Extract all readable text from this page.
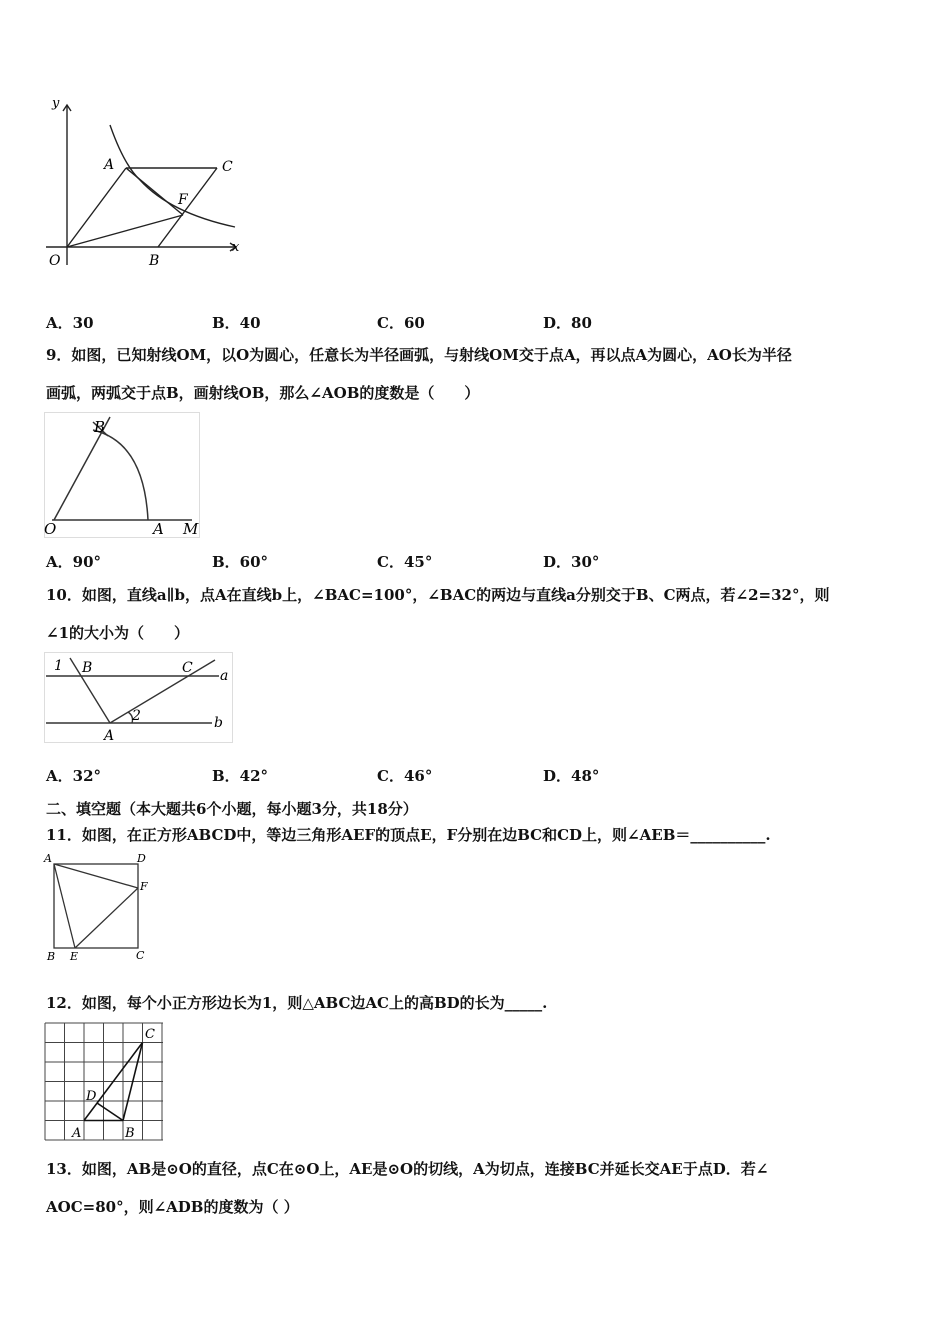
y
x
O
A	C
F
B
A．30	B．40	C．60	D．80
9．如图，已知射线OM，以O为圆心，任意长为半径画弧，与射线OM交于点A，再以点A为圆心，AO长为半径
画弧，两弧交于点B，画射线OB，那么∠AOB的度数是（　　）
B
O	A M
A．90°	B．60°	C．45°	D．30°
10．如图，直线a∥b，点A在直线b上，∠BAC=100°，∠BAC的两边与直线a分别交于B、C两点，若∠2=32°，则
∠1的大小为（　　）
1 B	C a
2	b
A
A．32°	B．42°	C．46°	D．48°
二、填空题（本大题共6个小题，每小题3分，共18分）
11．如图，在正方形ABCD中，等边三角形AEF的顶点E，F分别在边BC和CD上，则∠AEB＝__________.
A	D
F
B E	C
12．如图，每个小正方形边长为1，则△ABC边AC上的高BD的长为_____.
C
D
A	B
13．如图，AB是⊙O的直径，点C在⊙O上，AE是⊙O的切线，A为切点，连接BC并延长交AE于点D．若∠
AOC=80°，则∠ADB的度数为（ ）
